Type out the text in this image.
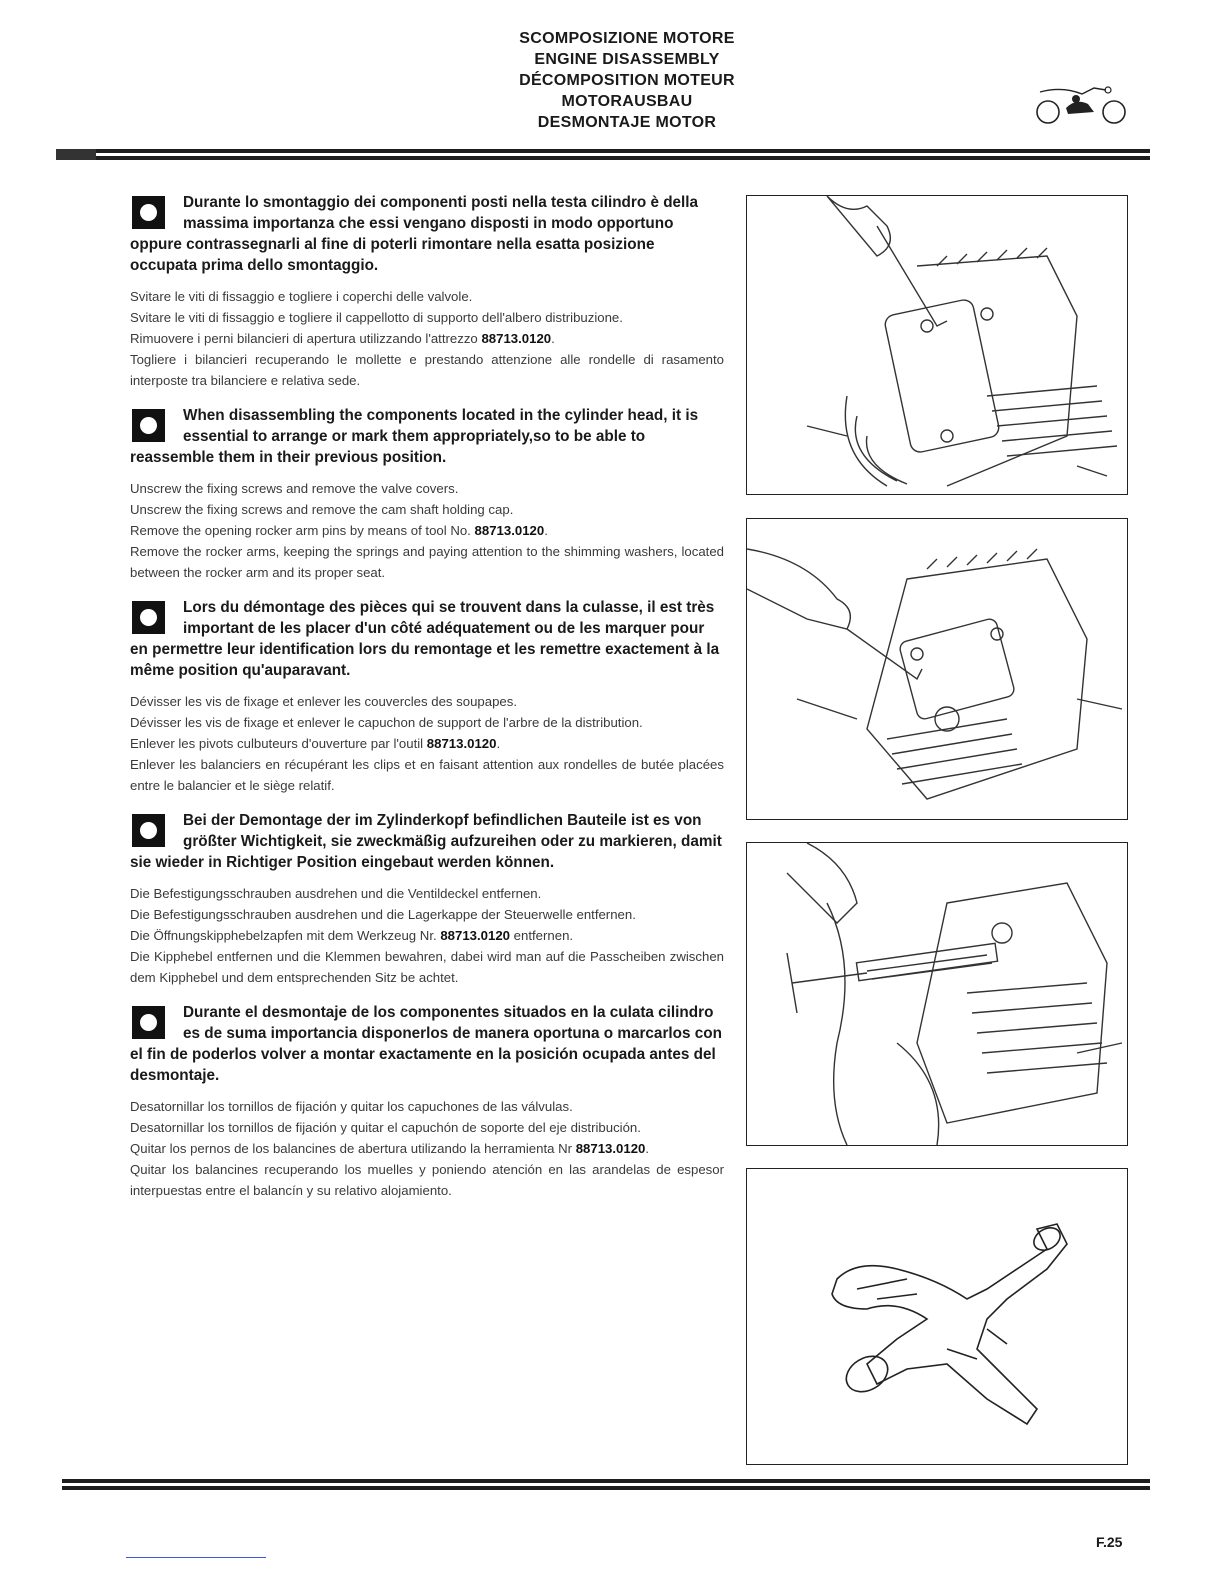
SCOMPOSIZIONE MOTORE
ENGINE DISASSEMBLY
DÉCOMPOSITION MOTEUR
MOTORAUSBAU
DESMONTAJE MOTOR
Durante lo smontaggio dei componenti posti nella testa cilindro è della massima importanza che essi vengano disposti in modo opportuno oppure contrassegnarli al fine di poterli rimontare nella esatta posizione occupata prima dello smontaggio.

Svitare le viti di fissaggio e togliere i coperchi delle valvole.

Svitare le viti di fissaggio e togliere il cappellotto di supporto dell'albero distribuzione.

Rimuovere i perni bilancieri di apertura utilizzando l'attrezzo 88713.0120.

Togliere i bilancieri recuperando le mollette e prestando attenzione alle rondelle di rasamento interposte tra bilanciere e relativa sede.

When disassembling the components located in the cylinder head, it is essential to arrange or mark them appropriately,so to be able to reassemble them in their previous position.

Unscrew the fixing screws and remove the valve covers.

Unscrew the fixing screws and remove the cam shaft holding cap.

Remove the opening rocker arm pins by means of tool No. 88713.0120.

Remove the rocker arms, keeping the springs and paying attention to the shimming washers, located between the rocker arm and its proper seat.

Lors du démontage des pièces qui se trouvent dans la culasse, il est très important de les placer d'un côté adéquatement ou de les marquer pour en permettre leur identification lors du remontage et les remettre exactement à la même position qu'auparavant.

Dévisser les vis de fixage et enlever les couvercles des soupapes.

Dévisser les vis de fixage et enlever le capuchon de support de l'arbre de la distribution.

Enlever les pivots culbuteurs d'ouverture par l'outil 88713.0120.

Enlever les balanciers en récupérant les clips et en faisant attention aux rondelles de butée placées entre le balancier et le siège relatif.

Bei der Demontage der im Zylinderkopf befindlichen Bauteile ist es von größter Wichtigkeit, sie zweckmäßig aufzureihen oder zu markieren, damit sie wieder in Richtiger Position eingebaut werden können.

Die Befestigungsschrauben ausdrehen und die Ventildeckel entfernen.

Die Befestigungsschrauben ausdrehen und die Lagerkappe der Steuerwelle entfernen.

Die Öffnungskipphebelzapfen mit dem Werkzeug Nr. 88713.0120 entfernen.

Die Kipphebel entfernen und die Klemmen bewahren, dabei wird man auf die Passcheiben zwischen dem Kipphebel und dem entsprechenden Sitz be achtet.

Durante el desmontaje de los componentes situados en la culata cilindro es de suma importancia disponerlos de manera oportuna o marcarlos con el fin de poderlos volver a montar exactamente en la posición ocupada antes del desmontaje.

Desatornillar los tornillos de fijación y quitar los capuchones de las válvulas.

Desatornillar los tornillos de fijación y quitar el capuchón de soporte del eje distribución.

Quitar los pernos de los balancines de abertura utilizando la herramienta Nr 88713.0120.

Quitar los balancines recuperando los muelles y poniendo atención en las arandelas de espesor interpuestas entre el balancín y su relativo alojamiento.

F.25
